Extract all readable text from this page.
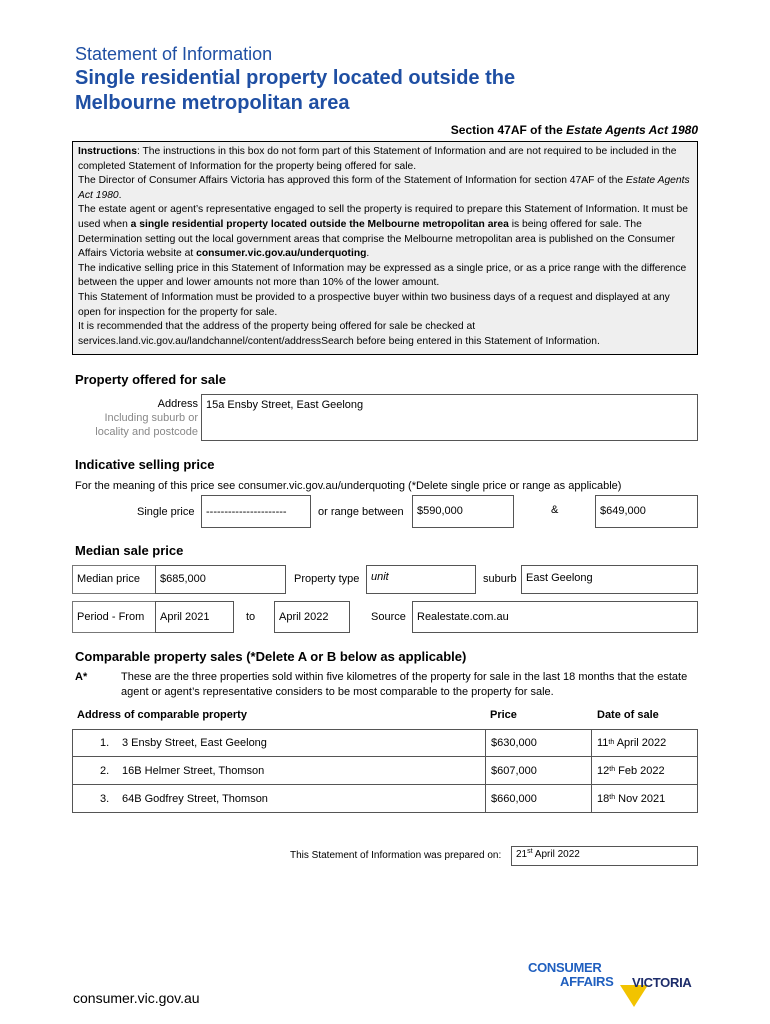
Statement of Information
Single residential property located outside the
Melbourne metropolitan area
Section 47AF of the Estate Agents Act 1980

Instructions: The instructions in this box do not form part of this Statement of Information and are not required to be included in the completed Statement of Information for the property being offered for sale.

The Director of Consumer Affairs Victoria has approved this form of the Statement of Information for section 47AF of the Estate Agents Act 1980.

The estate agent or agent’s representative engaged to sell the property is required to prepare this Statement of Information. It must be used when a single residential property located outside the Melbourne metropolitan area is being offered for sale. The Determination setting out the local government areas that comprise the Melbourne metropolitan area is published on the Consumer Affairs Victoria website at consumer.vic.gov.au/underquoting.

The indicative selling price in this Statement of Information may be expressed as a single price, or as a price range with the difference between the upper and lower amounts not more than 10% of the lower amount.

This Statement of Information must be provided to a prospective buyer within two business days of a request and displayed at any open for inspection for the property for sale.

It is recommended that the address of the property being offered for sale be checked at services.land.vic.gov.au/landchannel/content/addressSearch before being entered in this Statement of Information.

Property offered for sale
Address
Including suburb or
locality and postcode
15a Ensby Street, East Geelong
Indicative selling price
For the meaning of this price see consumer.vic.gov.au/underquoting (*Delete single price or range as applicable)
Single price	----------------------	or range between	$590,000	&	$649,000
Median sale price
Median price	$685,000	Property type	unit	suburb East Geelong
Period - From	April 2021	to	April 2022	Source	Realestate.com.au
Comparable property sales (*Delete A or B below as applicable)
A*	These are the three properties sold within five kilometres of the property for sale in the last 18 months that the estate agent or agent’s representative considers to be most comparable to the property for sale.
Address of comparable property	Price	Date of sale
1. 3 Ensby Street, East Geelong	$630,000	11th April 2022
2. 16B Helmer Street, Thomson	$607,000	12th Feb 2022
3. 64B Godfrey Street, Thomson	$660,000	18th Nov 2021
This Statement of Information was prepared on:	21st April 2022
consumer.vic.gov.au
CONSUMER
AFFAIRS VICTORIA
